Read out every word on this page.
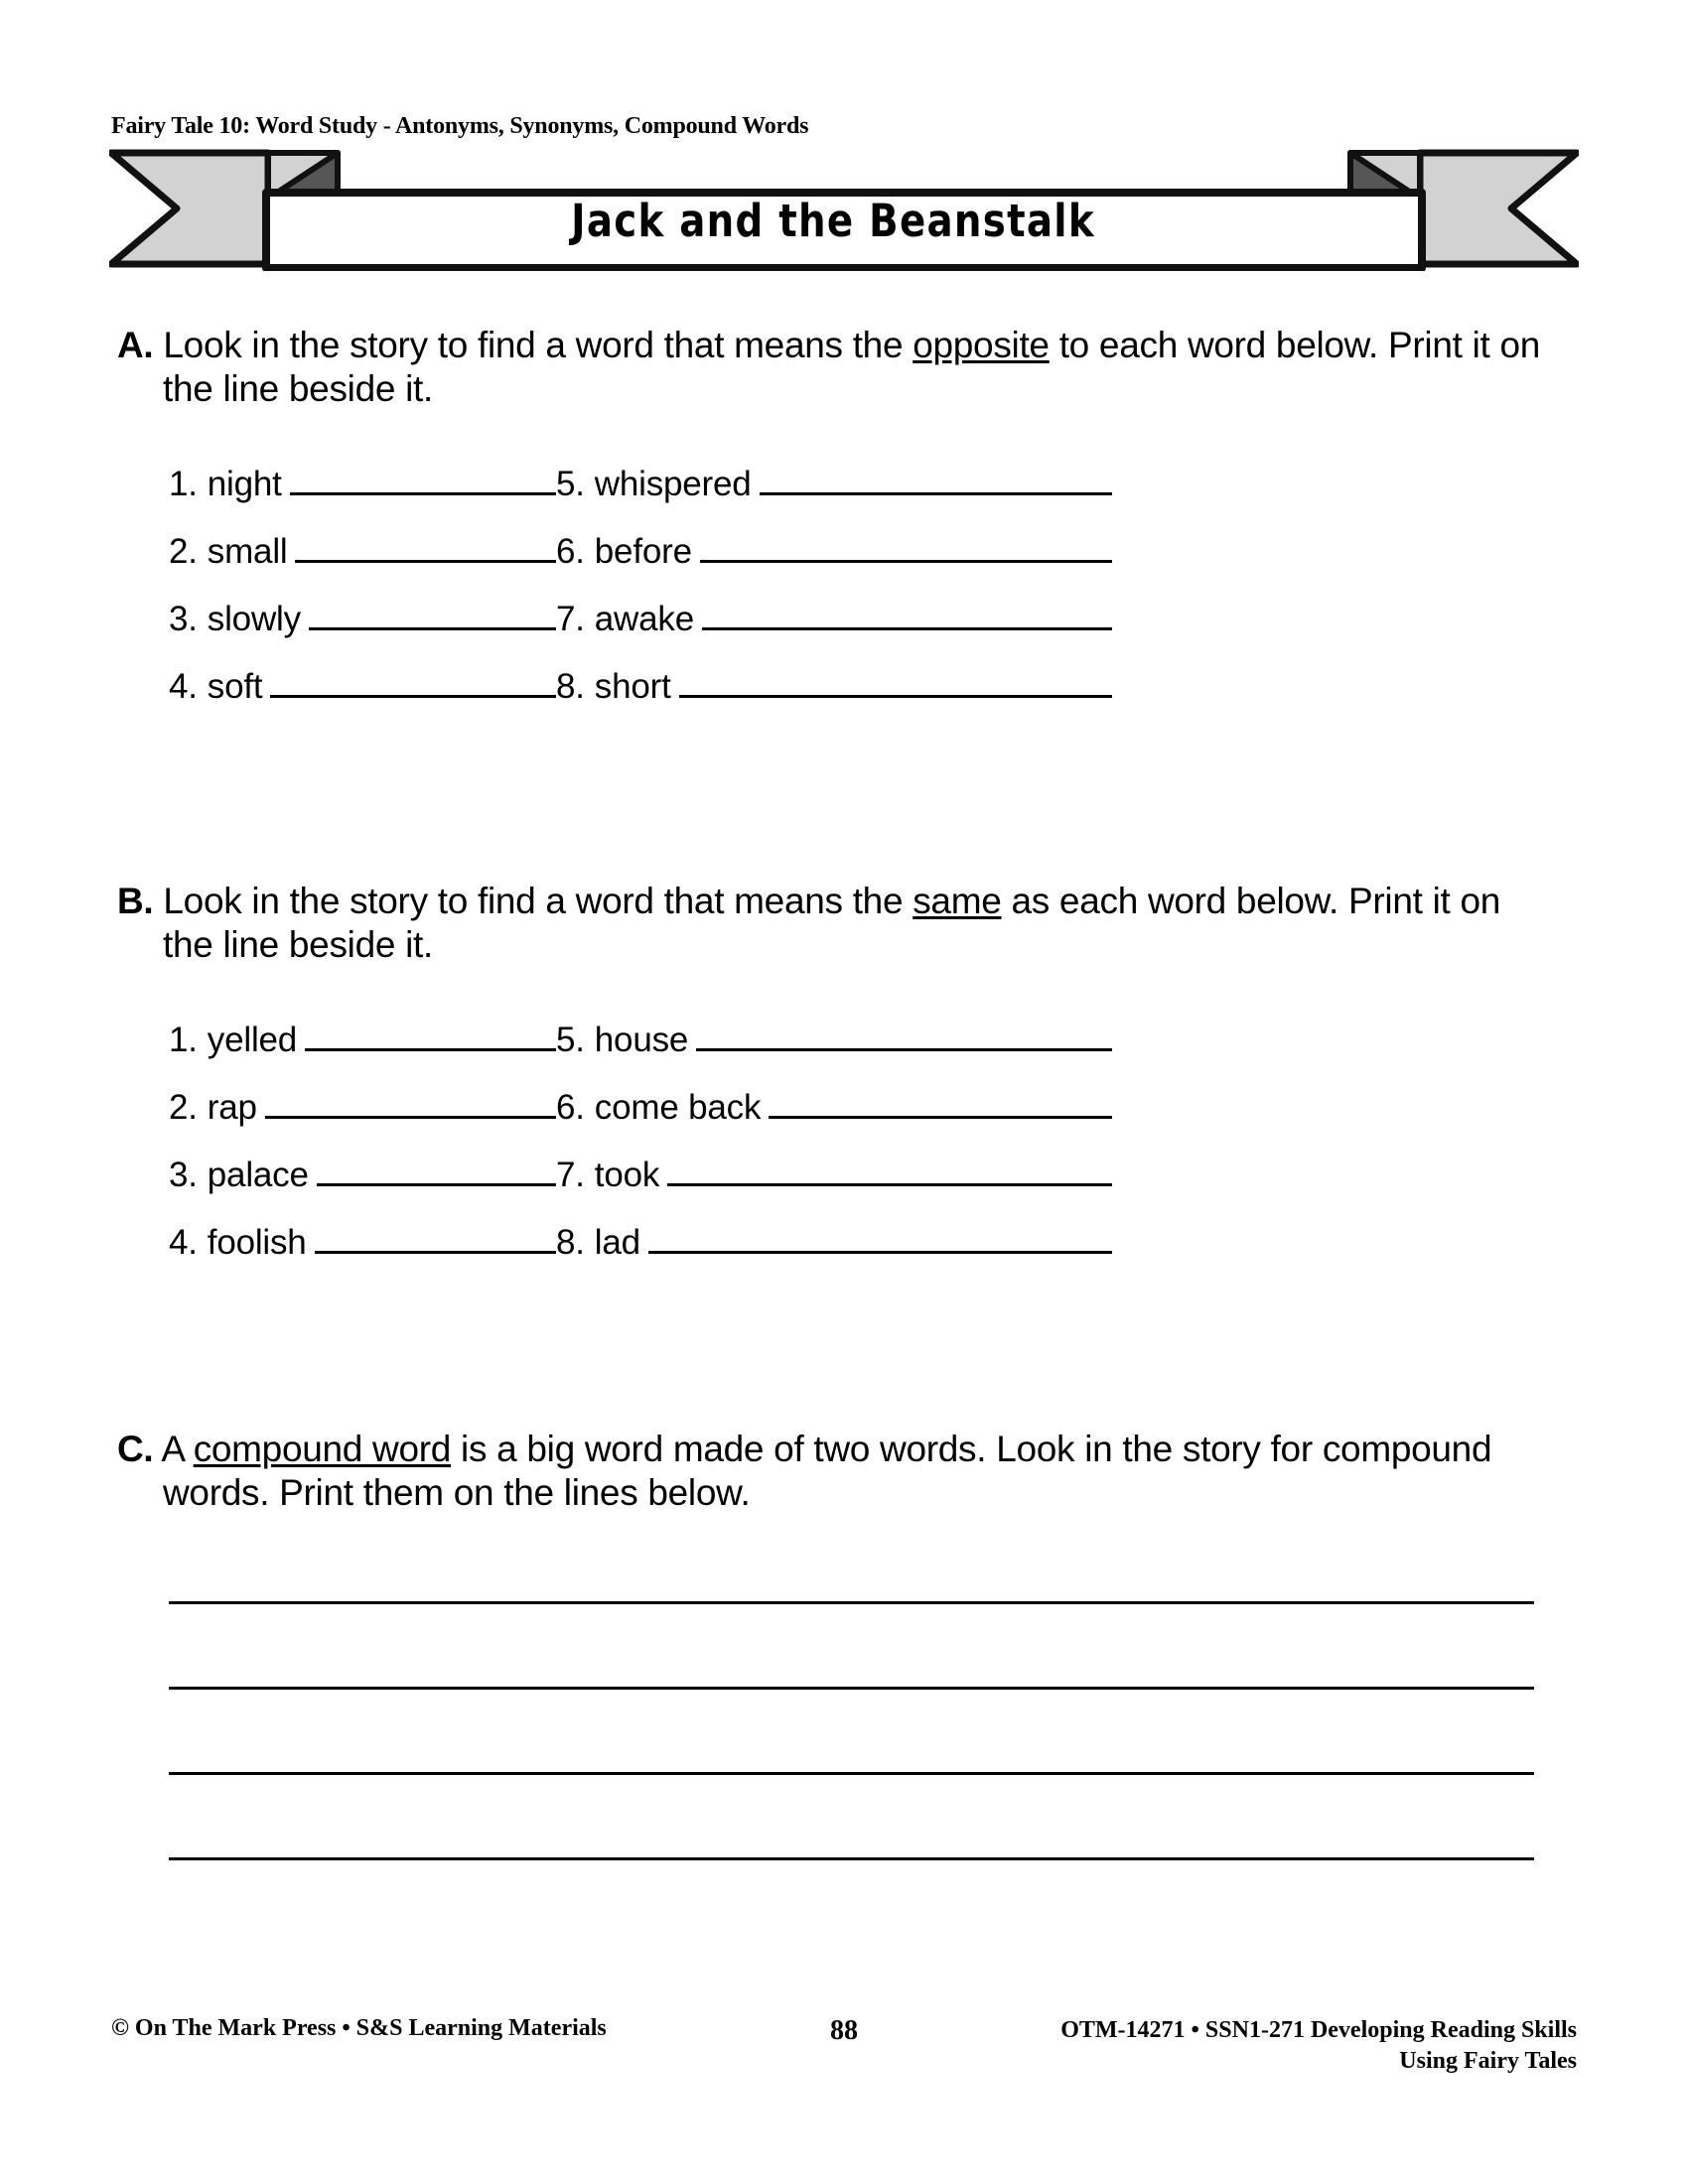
Fairy Tale 10: Word Study - Antonyms, Synonyms, Compound Words
Jack and the Beanstalk
A. Look in the story to find a word that means the opposite to each word below. Print it on the line beside it.
1. night	5. whispered
2. small	6. before
3. slowly	7. awake
4. soft	8. short
B. Look in the story to find a word that means the same as each word below. Print it on the line beside it.
1. yelled	5. house
2. rap	6. come back
3. palace	7. took
4. foolish	8. lad
C. A compound word is a big word made of two words. Look in the story for compound words. Print them on the lines below.
© On The Mark Press • S&S Learning Materials	88	OTM-14271 • SSN1-271 Developing Reading Skills
Using Fairy Tales
